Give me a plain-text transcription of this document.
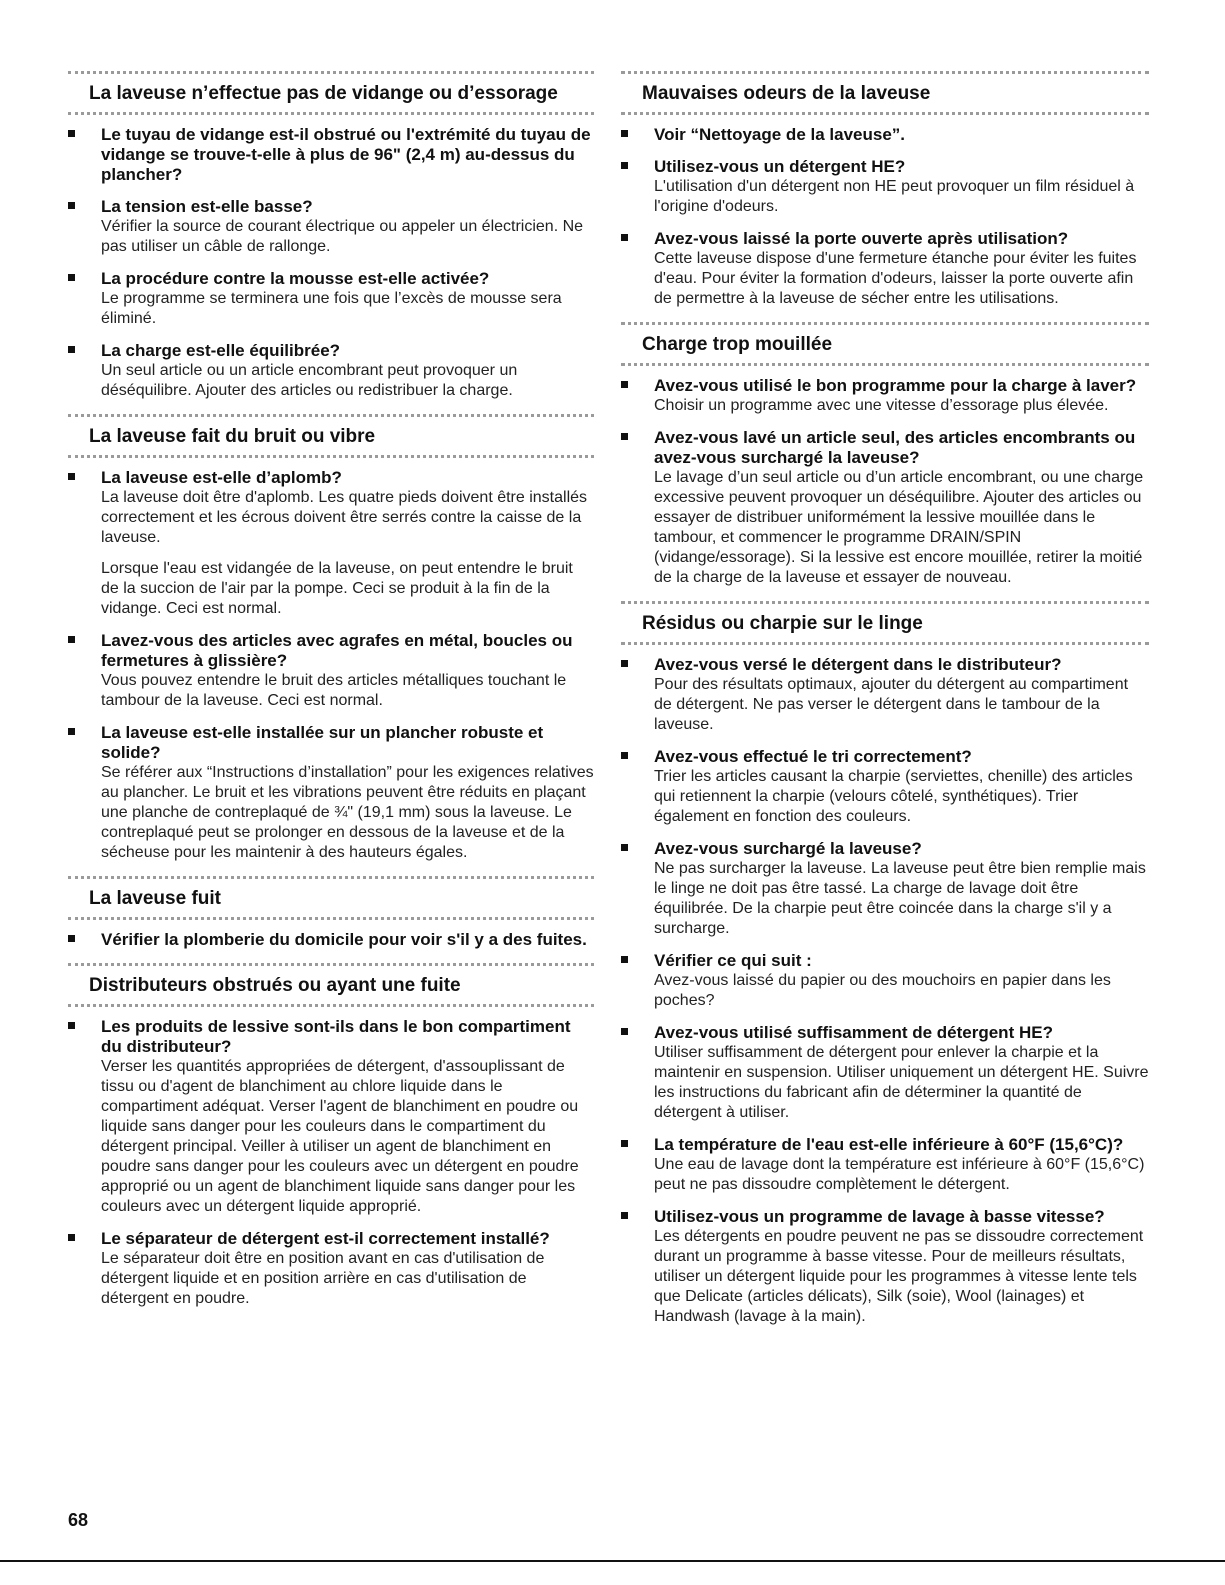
La laveuse n’effectue pas de vidange ou d’essorage
Le tuyau de vidange est-il obstrué ou l'extrémité du tuyau de vidange se trouve-t-elle à plus de 96" (2,4 m) au-dessus du plancher?
La tension est-elle basse?
Vérifier la source de courant électrique ou appeler un électricien. Ne pas utiliser un câble de rallonge.
La procédure contre la mousse est-elle activée?
Le programme se terminera une fois que l’excès de mousse sera éliminé.
La charge est-elle équilibrée?
Un seul article ou un article encombrant peut provoquer un déséquilibre. Ajouter des articles ou redistribuer la charge.
La laveuse fait du bruit ou vibre
La laveuse est-elle d’aplomb?
La laveuse doit être d'aplomb. Les quatre pieds doivent être installés correctement et les écrous doivent être serrés contre la caisse de la laveuse.
Lorsque l'eau est vidangée de la laveuse, on peut entendre le bruit de la succion de l'air par la pompe. Ceci se produit à la fin de la vidange. Ceci est normal.
Lavez-vous des articles avec agrafes en métal, boucles ou fermetures à glissière?
Vous pouvez entendre le bruit des articles métalliques touchant le tambour de la laveuse. Ceci est normal.
La laveuse est-elle installée sur un plancher robuste et solide?
Se référer aux “Instructions d’installation” pour les exigences relatives au plancher. Le bruit et les vibrations peuvent être réduits en plaçant une planche de contreplaqué de ¾" (19,1 mm) sous la laveuse. Le contreplaqué peut se prolonger en dessous de la laveuse et de la sécheuse pour les maintenir à des hauteurs égales.
La laveuse fuit
Vérifier la plomberie du domicile pour voir s'il y a des fuites.
Distributeurs obstrués ou ayant une fuite
Les produits de lessive sont-ils dans le bon compartiment du distributeur?
Verser les quantités appropriées de détergent, d'assouplissant de tissu ou d'agent de blanchiment au chlore liquide dans le compartiment adéquat. Verser l'agent de blanchiment en poudre ou liquide sans danger pour les couleurs dans le compartiment du détergent principal. Veiller à utiliser un agent de blanchiment en poudre sans danger pour les couleurs avec un détergent en poudre approprié ou un agent de blanchiment liquide sans danger pour les couleurs avec un détergent liquide approprié.
Le séparateur de détergent est-il correctement installé?
Le séparateur doit être en position avant en cas d'utilisation de détergent liquide et en position arrière en cas d'utilisation de détergent en poudre.
Mauvaises odeurs de la laveuse
Voir “Nettoyage de la laveuse”.
Utilisez-vous un détergent HE?
L'utilisation d'un détergent non HE peut provoquer un film résiduel à l'origine d'odeurs.
Avez-vous laissé la porte ouverte après utilisation?
Cette laveuse dispose d'une fermeture étanche pour éviter les fuites d'eau. Pour éviter la formation d'odeurs, laisser la porte ouverte afin de permettre à la laveuse de sécher entre les utilisations.
Charge trop mouillée
Avez-vous utilisé le bon programme pour la charge à laver?
Choisir un programme avec une vitesse d’essorage plus élevée.
Avez-vous lavé un article seul, des articles encombrants ou avez-vous surchargé la laveuse?
Le lavage d’un seul article ou d’un article encombrant, ou une charge excessive peuvent provoquer un déséquilibre. Ajouter des articles ou essayer de distribuer uniformément la lessive mouillée dans le tambour, et commencer le programme DRAIN/SPIN (vidange/essorage). Si la lessive est encore mouillée, retirer la moitié de la charge de la laveuse et essayer de nouveau.
Résidus ou charpie sur le linge
Avez-vous versé le détergent dans le distributeur?
Pour des résultats optimaux, ajouter du détergent au compartiment de détergent. Ne pas verser le détergent dans le tambour de la laveuse.
Avez-vous effectué le tri correctement?
Trier les articles causant la charpie (serviettes, chenille) des articles qui retiennent la charpie (velours côtelé, synthétiques). Trier également en fonction des couleurs.
Avez-vous surchargé la laveuse?
Ne pas surcharger la laveuse. La laveuse peut être bien remplie mais le linge ne doit pas être tassé. La charge de lavage doit être équilibrée. De la charpie peut être coincée dans la charge s'il y a surcharge.
Vérifier ce qui suit :
Avez-vous laissé du papier ou des mouchoirs en papier dans les poches?
Avez-vous utilisé suffisamment de détergent HE?
Utiliser suffisamment de détergent pour enlever la charpie et la maintenir en suspension. Utiliser uniquement un détergent HE. Suivre les instructions du fabricant afin de déterminer la quantité de détergent à utiliser.
La température de l'eau est-elle inférieure à 60°F (15,6°C)?
Une eau de lavage dont la température est inférieure à 60°F (15,6°C) peut ne pas dissoudre complètement le détergent.
Utilisez-vous un programme de lavage à basse vitesse?
Les détergents en poudre peuvent ne pas se dissoudre correctement durant un programme à basse vitesse. Pour de meilleurs résultats, utiliser un détergent liquide pour les programmes à vitesse lente tels que Delicate (articles délicats), Silk (soie), Wool (lainages) et Handwash (lavage à la main).
68
